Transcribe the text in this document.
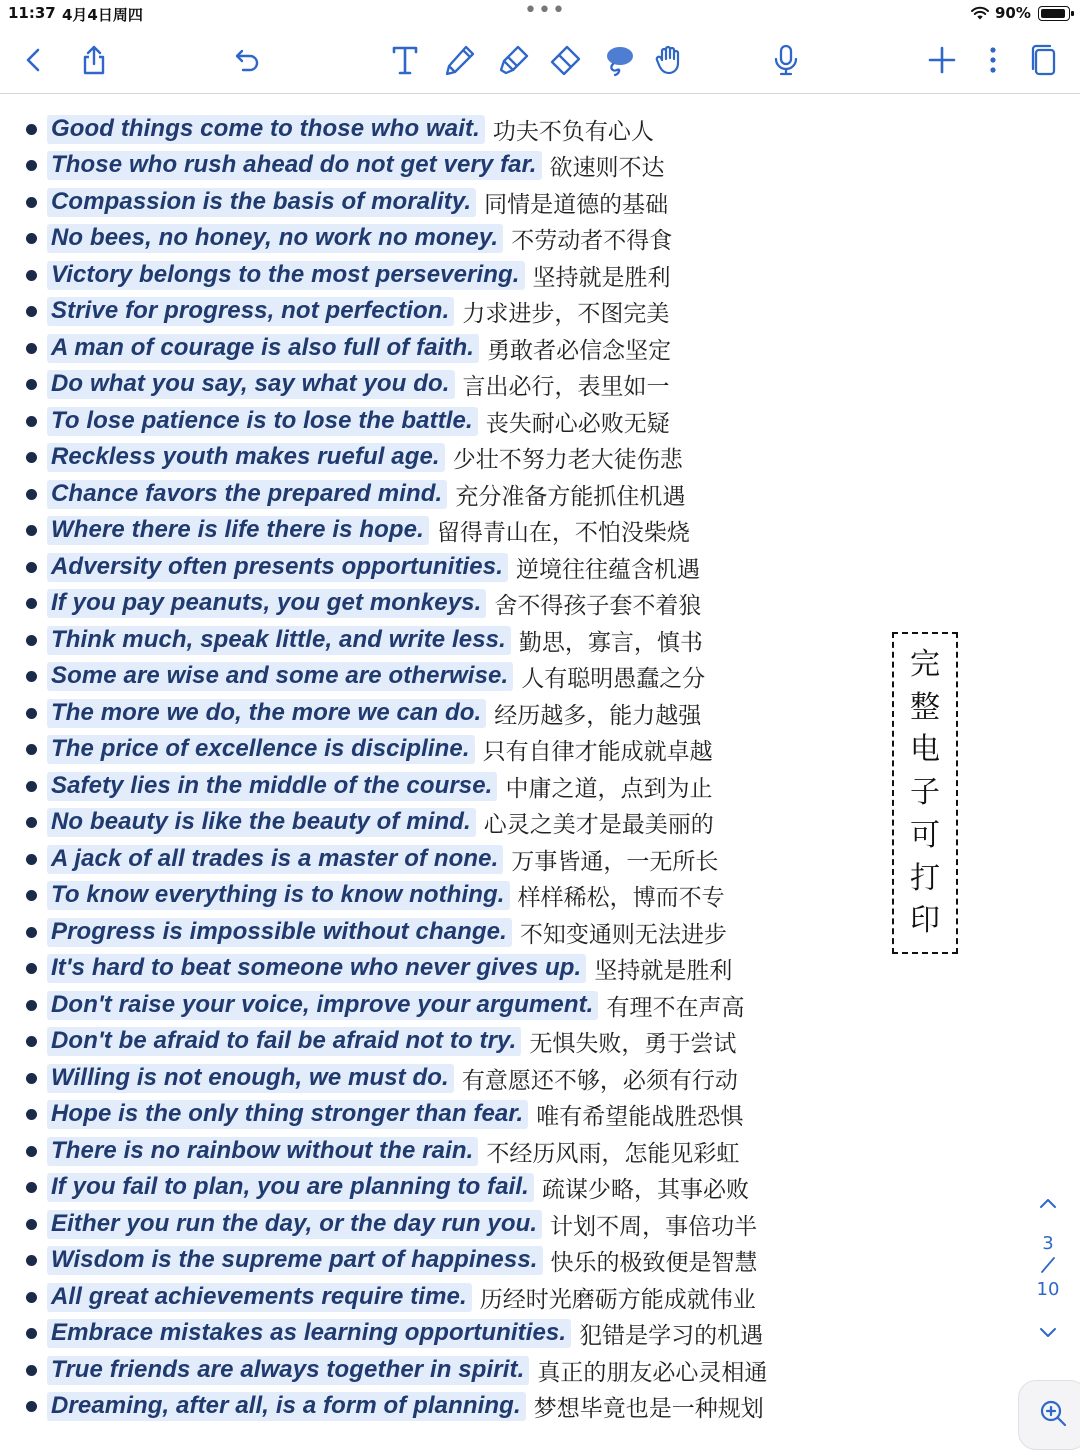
11:37 4月4日周四	•••	90%
Good things come to those who wait. 功夫不负有心人
Those who rush ahead do not get very far. 欲速则不达
Compassion is the basis of morality. 同情是道德的基础
No bees, no honey, no work no money. 不劳动者不得食
Victory belongs to the most persevering. 坚持就是胜利
Strive for progress, not perfection. 力求进步，不图完美
A man of courage is also full of faith. 勇敢者必信念坚定
Do what you say, say what you do. 言出必行，表里如一
To lose patience is to lose the battle. 丧失耐心必败无疑
Reckless youth makes rueful age. 少壮不努力老大徒伤悲
Chance favors the prepared mind. 充分准备方能抓住机遇
Where there is life there is hope. 留得青山在，不怕没柴烧
Adversity often presents opportunities. 逆境往往蕴含机遇
If you pay peanuts, you get monkeys. 舍不得孩子套不着狼
Think much, speak little, and write less. 勤思，寡言，慎书
Some are wise and some are otherwise. 人有聪明愚蠢之分
The more we do, the more we can do. 经历越多，能力越强
The price of excellence is discipline. 只有自律才能成就卓越
Safety lies in the middle of the course. 中庸之道，点到为止
No beauty is like the beauty of mind. 心灵之美才是最美丽的
A jack of all trades is a master of none. 万事皆通，一无所长
To know everything is to know nothing. 样样稀松，博而不专
Progress is impossible without change. 不知变通则无法进步
It's hard to beat someone who never gives up. 坚持就是胜利
Don't raise your voice, improve your argument. 有理不在声高
Don't be afraid to fail be afraid not to try. 无惧失败，勇于尝试
Willing is not enough, we must do. 有意愿还不够，必须有行动
Hope is the only thing stronger than fear. 唯有希望能战胜恐惧
There is no rainbow without the rain. 不经历风雨，怎能见彩虹
If you fail to plan, you are planning to fail. 疏谋少略，其事必败
Either you run the day, or the day run you. 计划不周，事倍功半
Wisdom is the supreme part of happiness. 快乐的极致便是智慧
All great achievements require time. 历经时光磨砺方能成就伟业
Embrace mistakes as learning opportunities. 犯错是学习的机遇
True friends are always together in spirit. 真正的朋友必心灵相通
Dreaming, after all, is a form of planning. 梦想毕竟也是一种规划
完
整
电
子
可
打
印
3
10
